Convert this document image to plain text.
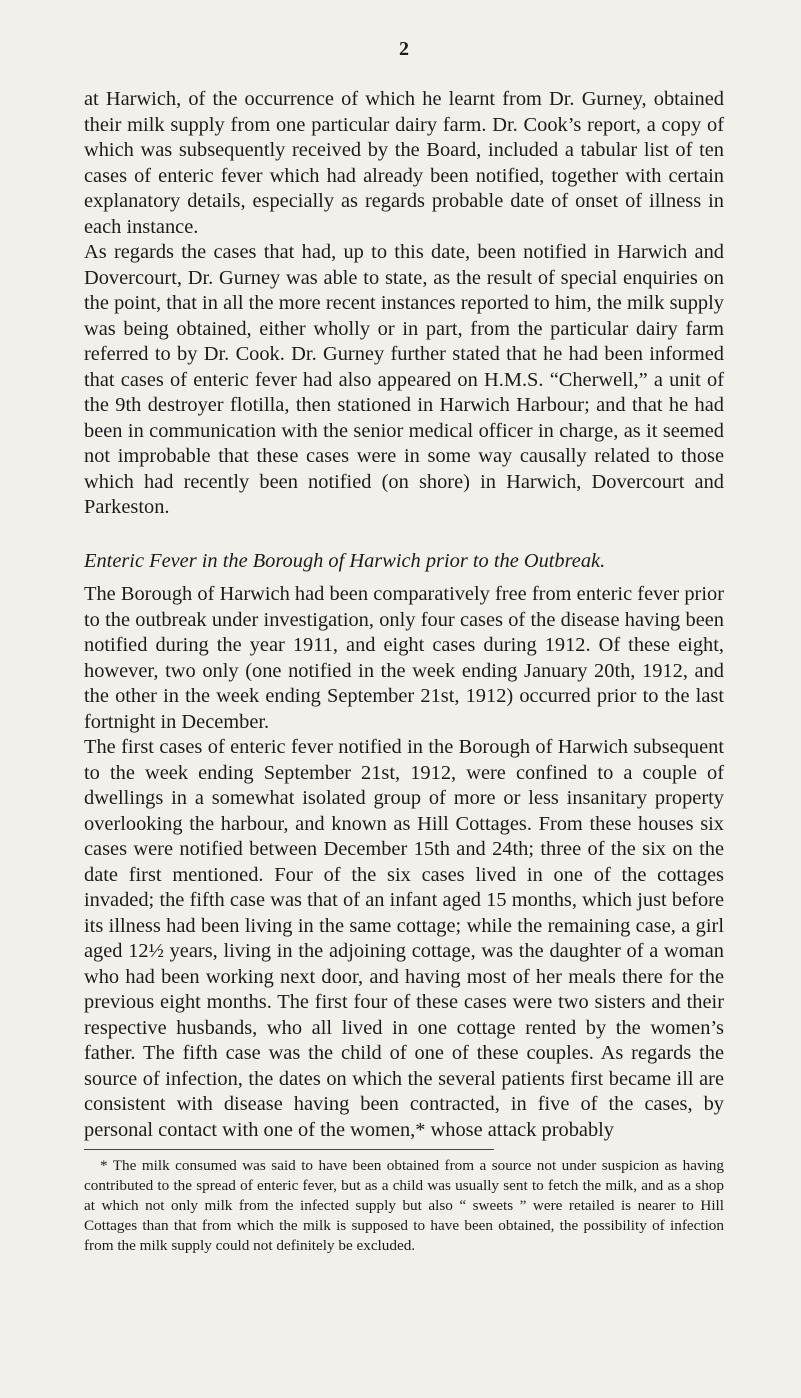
2

at Harwich, of the occurrence of which he learnt from Dr. Gurney, obtained their milk supply from one particular dairy farm. Dr. Cook’s report, a copy of which was subsequently received by the Board, included a tabular list of ten cases of enteric fever which had already been notified, together with certain explanatory details, especially as regards probable date of onset of illness in each instance.

As regards the cases that had, up to this date, been notified in Harwich and Dovercourt, Dr. Gurney was able to state, as the result of special enquiries on the point, that in all the more recent instances reported to him, the milk supply was being obtained, either wholly or in part, from the particular dairy farm referred to by Dr. Cook. Dr. Gurney further stated that he had been informed that cases of enteric fever had also appeared on H.M.S. “Cherwell,” a unit of the 9th destroyer flotilla, then stationed in Harwich Harbour; and that he had been in communication with the senior medical officer in charge, as it seemed not improbable that these cases were in some way causally related to those which had recently been notified (on shore) in Harwich, Dovercourt and Parkeston.

Enteric Fever in the Borough of Harwich prior to the Outbreak.

The Borough of Harwich had been comparatively free from enteric fever prior to the outbreak under investigation, only four cases of the disease having been notified during the year 1911, and eight cases during 1912. Of these eight, however, two only (one notified in the week ending January 20th, 1912, and the other in the week ending September 21st, 1912) occurred prior to the last fortnight in December.

The first cases of enteric fever notified in the Borough of Harwich subsequent to the week ending September 21st, 1912, were confined to a couple of dwellings in a somewhat isolated group of more or less insanitary property overlooking the harbour, and known as Hill Cottages. From these houses six cases were notified between December 15th and 24th; three of the six on the date first mentioned. Four of the six cases lived in one of the cottages invaded; the fifth case was that of an infant aged 15 months, which just before its illness had been living in the same cottage; while the remaining case, a girl aged 12½ years, living in the adjoining cottage, was the daughter of a woman who had been working next door, and having most of her meals there for the previous eight months. The first four of these cases were two sisters and their respective husbands, who all lived in one cottage rented by the women’s father. The fifth case was the child of one of these couples. As regards the source of infection, the dates on which the several patients first became ill are consistent with disease having been contracted, in five of the cases, by personal contact with one of the women,* whose attack probably

* The milk consumed was said to have been obtained from a source not under suspicion as having contributed to the spread of enteric fever, but as a child was usually sent to fetch the milk, and as a shop at which not only milk from the infected supply but also “ sweets ” were retailed is nearer to Hill Cottages than that from which the milk is supposed to have been obtained, the possibility of infection from the milk supply could not definitely be excluded.
